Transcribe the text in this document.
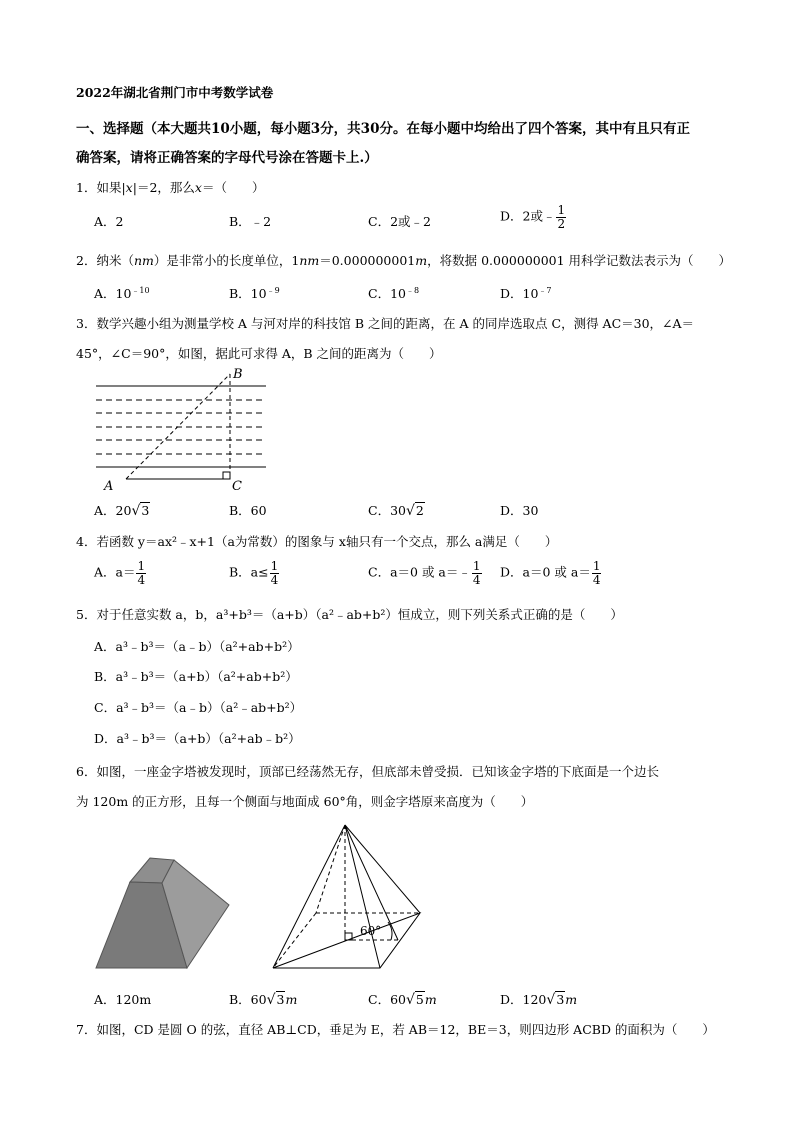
2022年湖北省荆门市中考数学试卷
一、选择题（本大题共10小题，每小题3分，共30分。在每小题中均给出了四个答案，其中有且只有正
确答案，请将正确答案的字母代号涂在答题卡上.）
1．如果|x|＝2，那么x＝（　　）
A．2	B．﹣2	C．2或﹣2	D．2或﹣ $\frac{1}{2}$
2．纳米（nm）是非常小的长度单位，1nm＝0.000000001m，将数据 0.000000001 用科学记数法表示为（　　）
A．$10^{﹣10}$	B．$10^{﹣9}$	C．$10^{﹣8}$	D．$10^{﹣7}$
3．数学兴趣小组为测量学校 A 与河对岸的科技馆 B 之间的距离，在 A 的同岸选取点 C，测得 AC＝30，∠A＝
45°，∠C＝90°，如图，据此可求得 A，B 之间的距离为（　　）
A
B
C
A．20√3	B．60	C．30√2	D．30
4．若函数 y＝ax²﹣x+1（a为常数）的图象与 x轴只有一个交点，那么 a满足（　　）
A．$a= \frac{1}{4}$	B．$a\le \frac{1}{4}$	C．a＝0 或 a＝﹣ $\frac{1}{4}$ D．a＝0 或 $a= \frac{1}{4}$
5．对于任意实数 a，b，a³+b³＝（a+b）（a²﹣ab+b²）恒成立，则下列关系式正确的是（　　）
A．a³﹣b³＝（a﹣b）（a²+ab+b²）
B．a³﹣b³＝（a+b）（a²+ab+b²）
C．a³﹣b³＝（a﹣b）（a²﹣ab+b²）
D．a³﹣b³＝（a+b）（a²+ab﹣b²）
6．如图，一座金字塔被发现时，顶部已经荡然无存，但底部未曾受损．已知该金字塔的下底面是一个边长
为 120m 的正方形，且每一个侧面与地面成 60°角，则金字塔原来高度为（　　）
60°
A．120m	B．60√3m	C．60√5m	D．120√3m
7．如图，CD 是圆 O 的弦，直径 AB⊥CD，垂足为 E，若 AB＝12，BE＝3，则四边形 ACBD 的面积为（　　）
